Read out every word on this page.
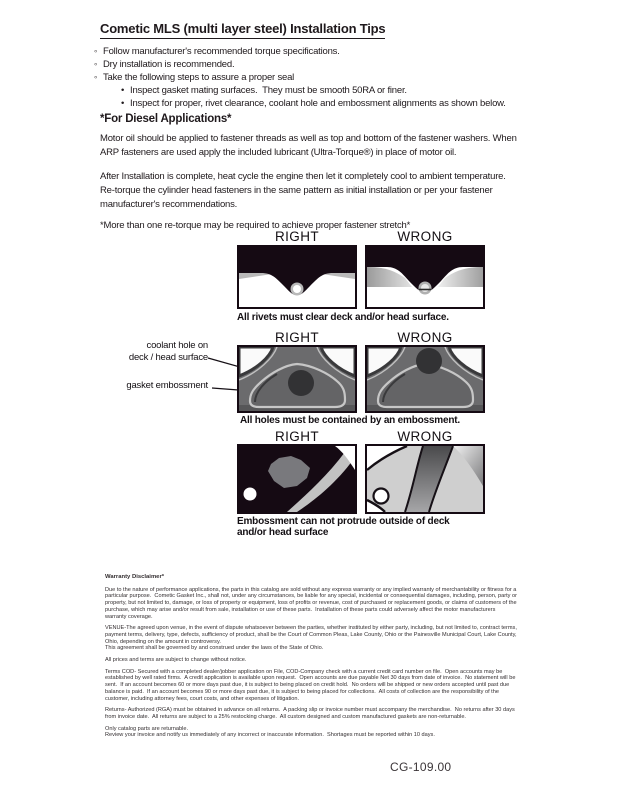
Cometic MLS (multi layer steel) Installation Tips
◦ Follow manufacturer's recommended torque specifications.
◦ Dry installation is recommended.
◦ Take the following steps to assure a proper seal
• Inspect gasket mating surfaces.  They must be smooth 50RA or finer.
• Inspect for proper, rivet clearance, coolant hole and embossment alignments as shown below.
*For Diesel Applications*
Motor oil should be applied to fastener threads as well as top and bottom of the fastener washers. When ARP fasteners are used apply the included lubricant (Ultra-Torque®) in place of motor oil.
After Installation is complete, heat cycle the engine then let it completely cool to ambient temperature. Re-torque the cylinder head fasteners in the same pattern as initial installation or per your fastener manufacturer's recommendations.
*More than one re-torque may be required to achieve proper fastener stretch*
RIGHT	WRONG
All rivets must clear deck and/or head surface.
RIGHT	WRONG
coolant hole on
deck / head surface
gasket embossment
All holes must be contained by an embossment.
RIGHT	WRONG
Embossment can not protrude outside of deck
and/or head surface
Warranty Disclaimer*
Due to the nature of performance applications, the parts in this catalog are sold without any express warranty or any implied warranty of merchantability or fitness for a particular purpose.  Cometic Gasket Inc., shall not, under any circumstances, be liable for any special, incidental or consequential damages, including, person, party or property, but not limited to, damage, or loss of property or equipment, loss of profits or revenue, cost of purchased or replacement goods, or claims of customers of the purchase, which may arise and/or result from sale, installation or use of these parts.  Installation of these parts could adversely affect the motor manufacturers warranty coverage.
VENUE-The agreed upon venue, in the event of dispute whatsoever between the parties, whether instituted by either party, including, but not limited to, contract terms, payment terms, delivery, type, defects, sufficiency of product, shall be the Court of Common Pleas, Lake County, Ohio or the Painesville Municipal Court, Lake County, Ohio, depending on the amount in controversy.
This agreement shall be governed by and construed under the laws of the State of Ohio.
All prices and terms are subject to change without notice.
Terms COD- Secured with a completed dealer/jobber application on File, COD-Company check with a current credit card number on file.  Open accounts may be established by well rated firms.  A credit application is available upon request.  Open accounts are due payable Net 30 days from date of invoice.  No statement will be sent.  If an account becomes 60 or more days past due, it is subject to being placed on credit hold.  No orders will be shipped or new orders accepted until past due balance is paid.  If an account becomes 90 or more days past due, it is subject to being placed for collections.  All costs of collection are the responsibility of the customer, including attorney fees, court costs, and other expenses of litigation.
Returns- Authorized (RGA) must be obtained in advance on all returns.  A packing slip or invoice number must accompany the merchandise.  No returns after 30 days from invoice date.  All returns are subject to a 25% restocking charge.  All custom designed and custom manufactured gaskets are non-returnable.
Only catalog parts are returnable.
Review your invoice and notify us immediately of any incorrect or inaccurate information.  Shortages must be reported within 10 days.
CG-109.00
